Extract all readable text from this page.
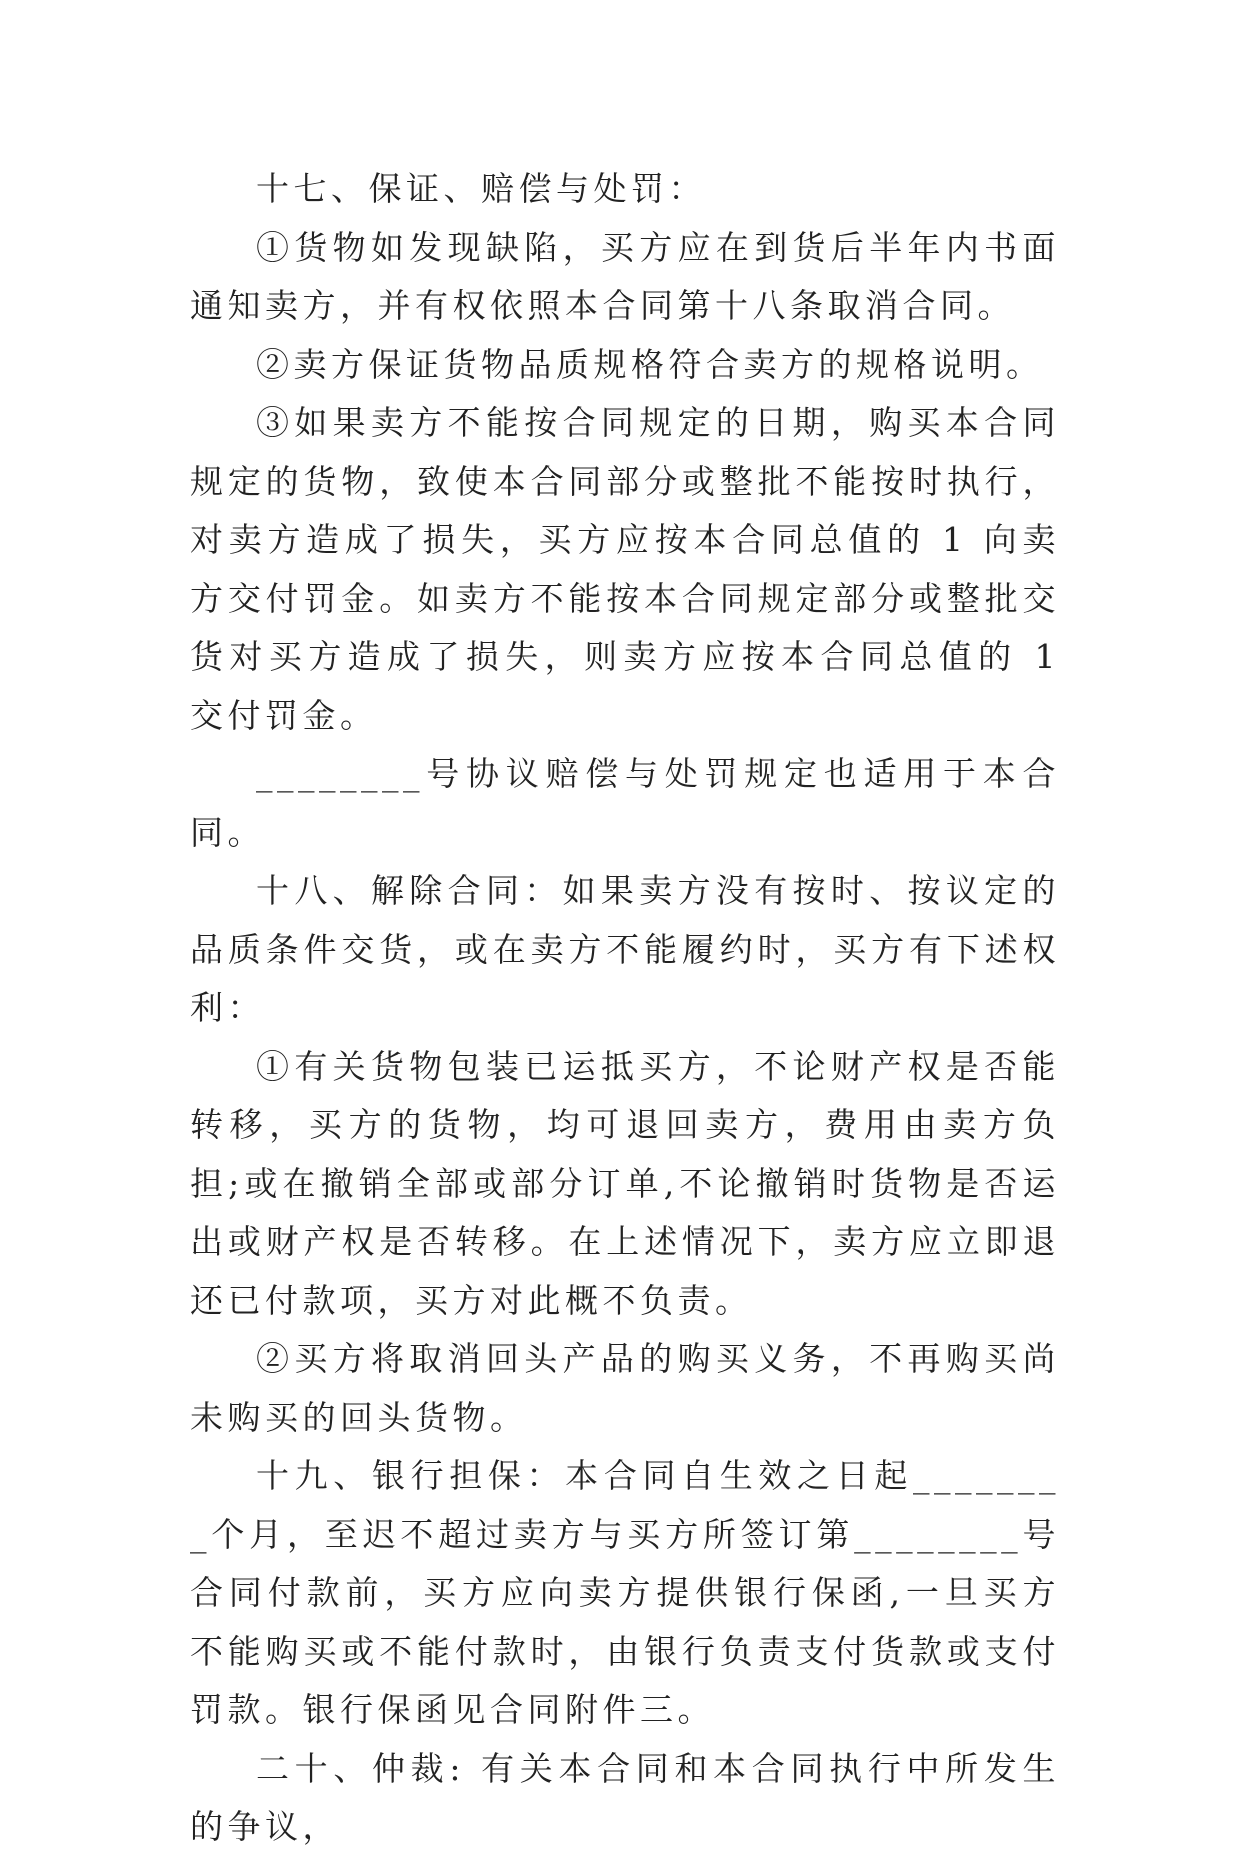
十七、保证、赔偿与处罚：

①货物如发现缺陷，买方应在到货后半年内书面通知卖方，并有权依照本合同第十八条取消合同。

②卖方保证货物品质规格符合卖方的规格说明。

③如果卖方不能按合同规定的日期，购买本合同规定的货物，致使本合同部分或整批不能按时执行，对卖方造成了损失，买方应按本合同总值的 1 向卖方交付罚金。如卖方不能按本合同规定部分或整批交货对买方造成了损失，则卖方应按本合同总值的 1 交付罚金。

________号协议赔偿与处罚规定也适用于本合同。

十八、解除合同：如果卖方没有按时、按议定的品质条件交货，或在卖方不能履约时，买方有下述权利：

①有关货物包装已运抵买方，不论财产权是否能转移，买方的货物，均可退回卖方，费用由卖方负担;或在撤销全部或部分订单,不论撤销时货物是否运出或财产权是否转移。在上述情况下，卖方应立即退还已付款项，买方对此概不负责。

②买方将取消回头产品的购买义务，不再购买尚未购买的回头货物。

十九、银行担保：本合同自生效之日起________个月，至迟不超过卖方与买方所签订第________号合同付款前，买方应向卖方提供银行保函,一旦买方不能购买或不能付款时，由银行负责支付货款或支付罚款。银行保函见合同附件三。

二十、仲裁: 有关本合同和本合同执行中所发生的争议，
